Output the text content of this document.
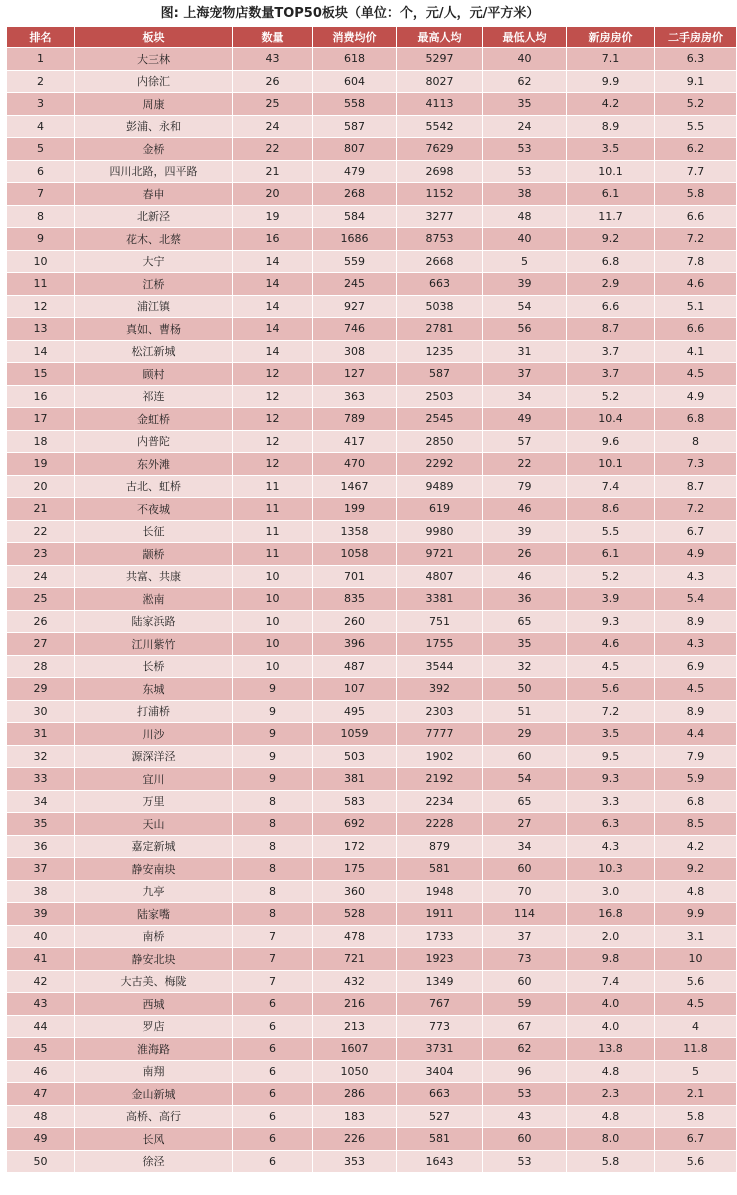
图: 上海宠物店数量TOP50板块（单位：个，元/人，元/平方米）
排名	板块	数量	消费均价	最高人均	最低人均	新房房价	二手房房价
1	大三林	43	618	5297	40	7.1	6.3
2	内徐汇	26	604	8027	62	9.9	9.1
3	周康	25	558	4113	35	4.2	5.2
4	彭浦、永和	24	587	5542	24	8.9	5.5
5	金桥	22	807	7629	53	3.5	6.2
6	四川北路，四平路	21	479	2698	53	10.1	7.7
7	春申	20	268	1152	38	6.1	5.8
8	北新泾	19	584	3277	48	11.7	6.6
9	花木、北蔡	16	1686	8753	40	9.2	7.2
10	大宁	14	559	2668	5	6.8	7.8
11	江桥	14	245	663	39	2.9	4.6
12	浦江镇	14	927	5038	54	6.6	5.1
13	真如、曹杨	14	746	2781	56	8.7	6.6
14	松江新城	14	308	1235	31	3.7	4.1
15	顾村	12	127	587	37	3.7	4.5
16	祁连	12	363	2503	34	5.2	4.9
17	金虹桥	12	789	2545	49	10.4	6.8
18	内普陀	12	417	2850	57	9.6	8
19	东外滩	12	470	2292	22	10.1	7.3
20	古北、虹桥	11	1467	9489	79	7.4	8.7
21	不夜城	11	199	619	46	8.6	7.2
22	长征	11	1358	9980	39	5.5	6.7
23	颛桥	11	1058	9721	26	6.1	4.9
24	共富、共康	10	701	4807	46	5.2	4.3
25	淞南	10	835	3381	36	3.9	5.4
26	陆家浜路	10	260	751	65	9.3	8.9
27	江川紫竹	10	396	1755	35	4.6	4.3
28	长桥	10	487	3544	32	4.5	6.9
29	东城	9	107	392	50	5.6	4.5
30	打浦桥	9	495	2303	51	7.2	8.9
31	川沙	9	1059	7777	29	3.5	4.4
32	源深洋泾	9	503	1902	60	9.5	7.9
33	宜川	9	381	2192	54	9.3	5.9
34	万里	8	583	2234	65	3.3	6.8
35	天山	8	692	2228	27	6.3	8.5
36	嘉定新城	8	172	879	34	4.3	4.2
37	静安南块	8	175	581	60	10.3	9.2
38	九亭	8	360	1948	70	3.0	4.8
39	陆家嘴	8	528	1911	114	16.8	9.9
40	南桥	7	478	1733	37	2.0	3.1
41	静安北块	7	721	1923	73	9.8	10
42	大古美、梅陇	7	432	1349	60	7.4	5.6
43	西城	6	216	767	59	4.0	4.5
44	罗店	6	213	773	67	4.0	4
45	淮海路	6	1607	3731	62	13.8	11.8
46	南翔	6	1050	3404	96	4.8	5
47	金山新城	6	286	663	53	2.3	2.1
48	高桥、高行	6	183	527	43	4.8	5.8
49	长风	6	226	581	60	8.0	6.7
50	徐泾	6	353	1643	53	5.8	5.6
